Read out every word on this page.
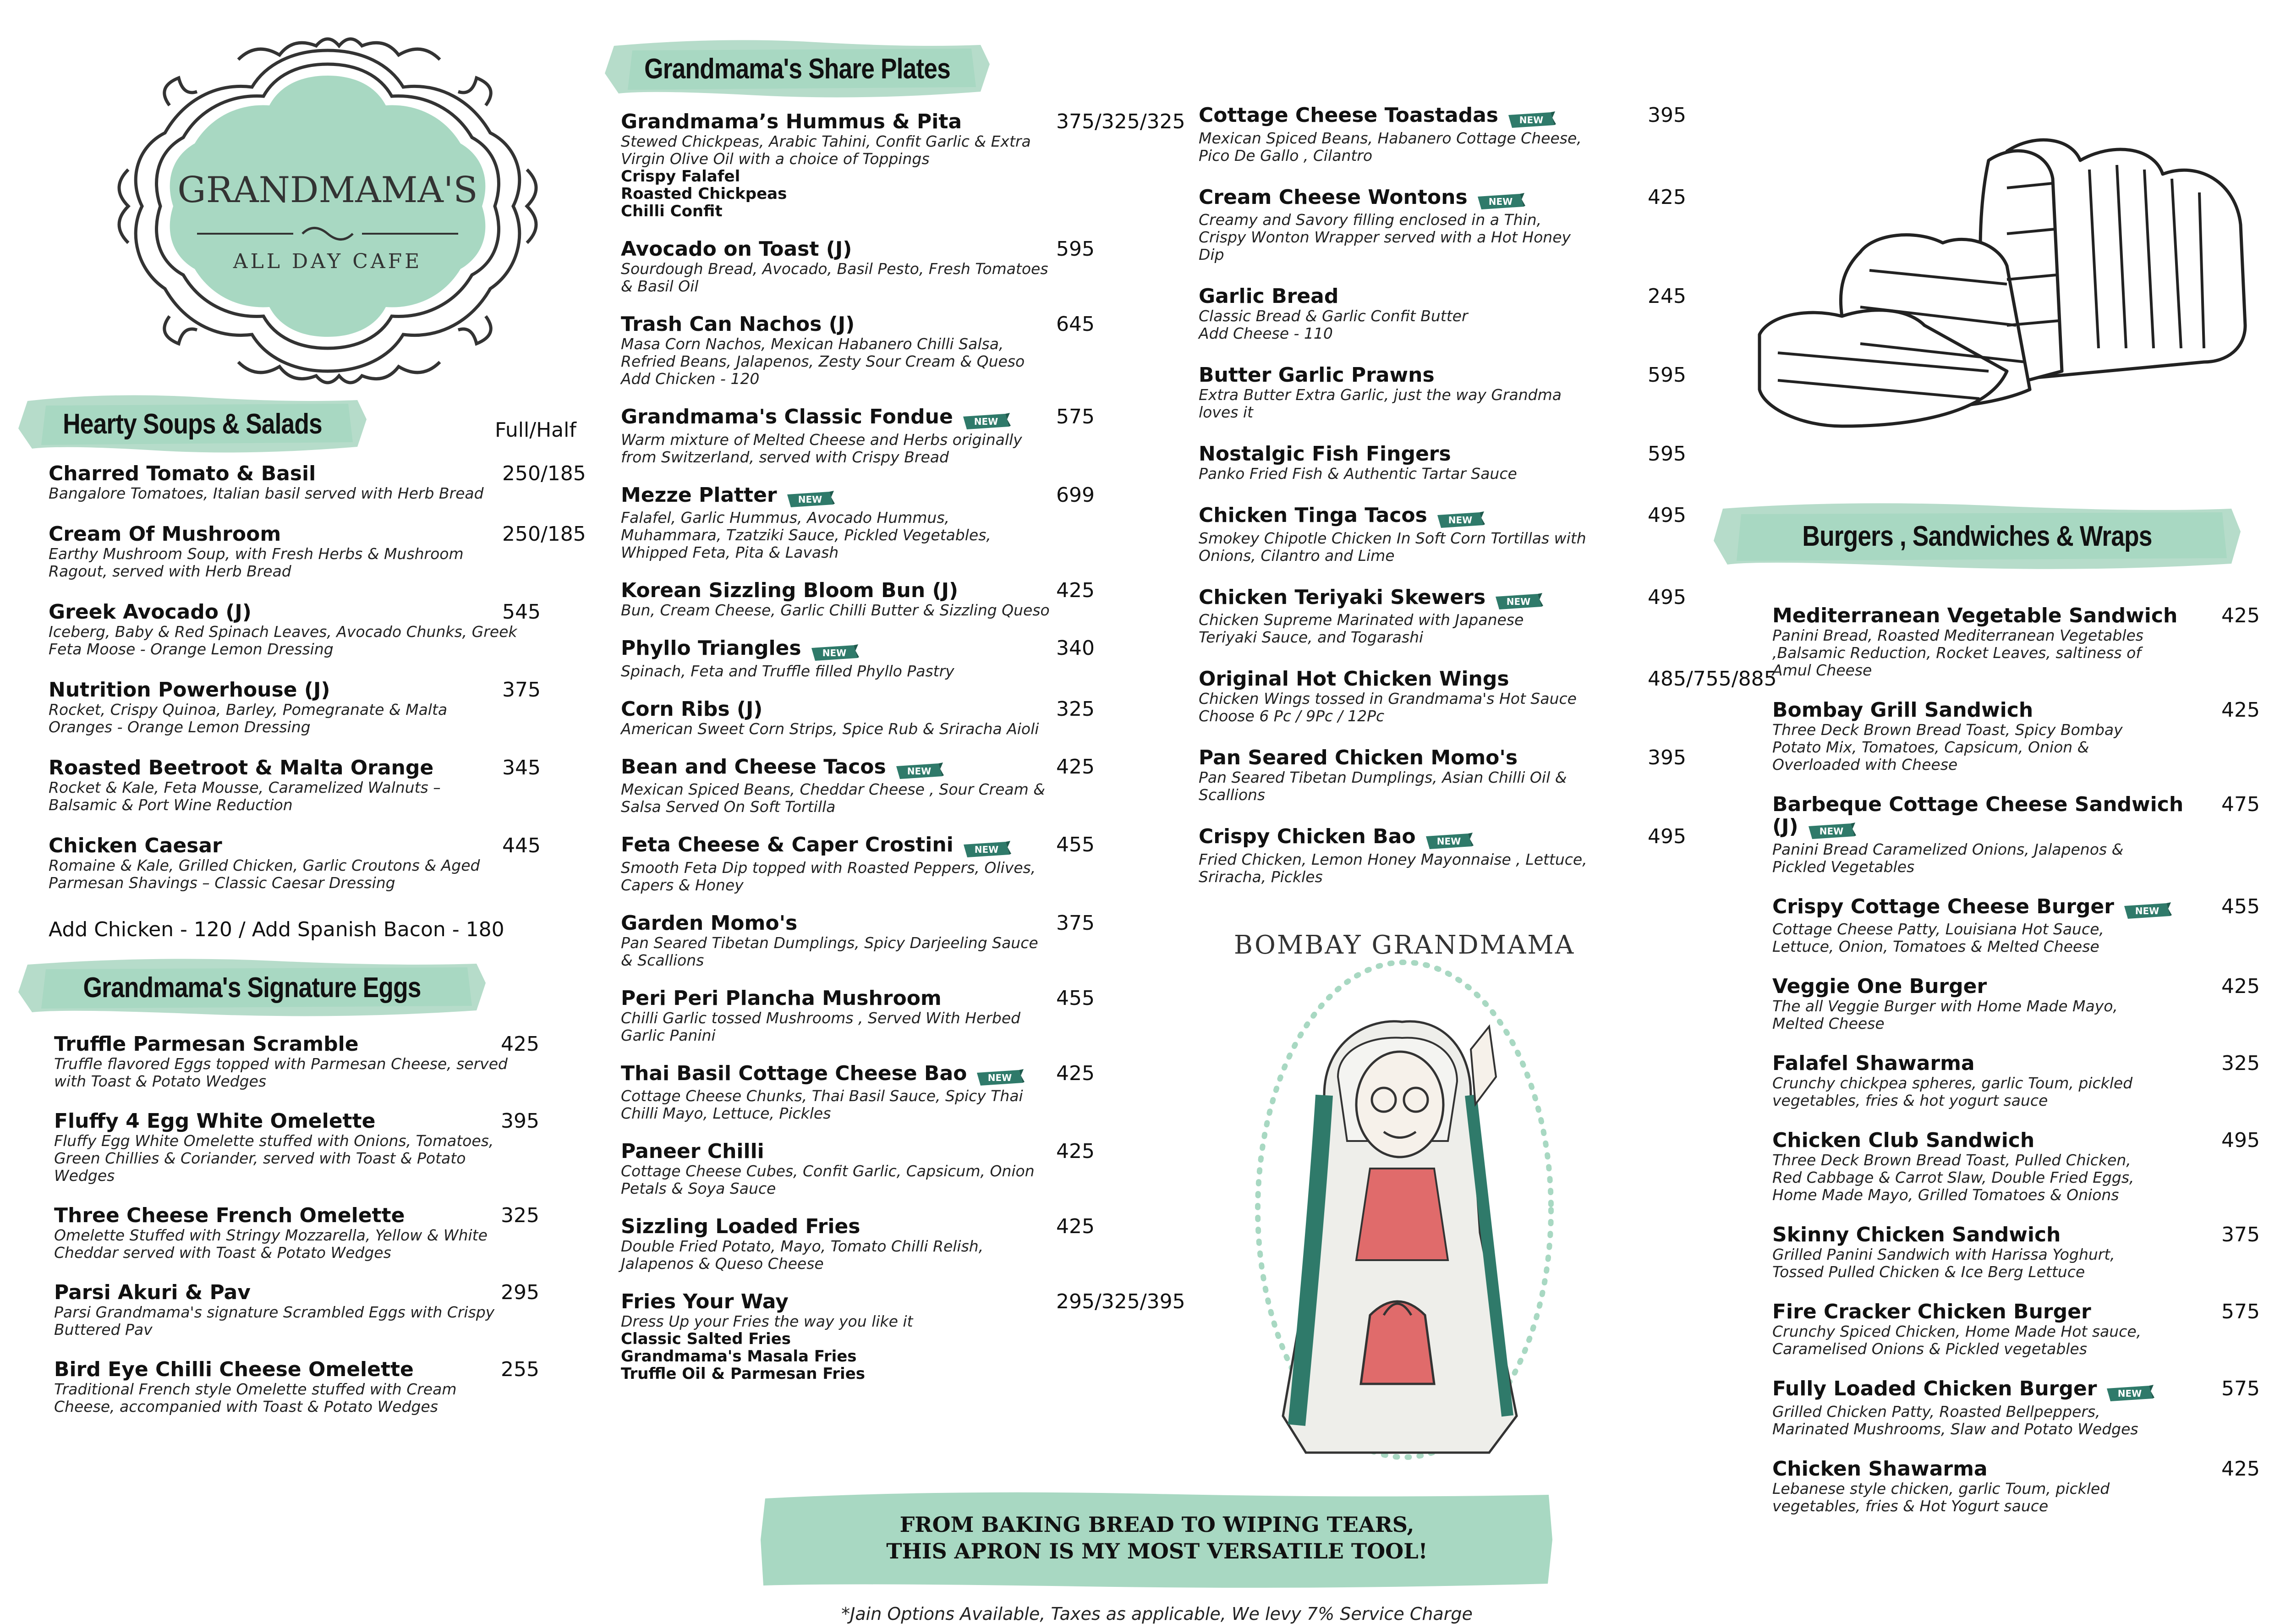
GRANDMAMA'S
ALL DAY CAFE
Hearty Soups & Salads	Full/Half
Charred Tomato & Basil	250/185
Bangalore Tomatoes, Italian basil served with Herb Bread
Cream Of Mushroom	250/185
Earthy Mushroom Soup, with Fresh Herbs & Mushroom
Ragout, served with Herb Bread
Greek Avocado (J)	545
Iceberg, Baby & Red Spinach Leaves, Avocado Chunks, Greek
Feta Moose - Orange Lemon Dressing
Nutrition Powerhouse (J)	375
Rocket, Crispy Quinoa, Barley, Pomegranate & Malta
Oranges - Orange Lemon Dressing
Roasted Beetroot & Malta Orange	345
Rocket & Kale, Feta Mousse, Caramelized Walnuts –
Balsamic & Port Wine Reduction
Chicken Caesar	445
Romaine & Kale, Grilled Chicken, Garlic Croutons & Aged
Parmesan Shavings – Classic Caesar Dressing
Add Chicken - 120 / Add Spanish Bacon - 180
Grandmama's Signature Eggs
Truffle Parmesan Scramble	425
Truffle flavored Eggs topped with Parmesan Cheese, served
with Toast & Potato Wedges
Fluffy 4 Egg White Omelette	395
Fluffy Egg White Omelette stuffed with Onions, Tomatoes,
Green Chillies & Coriander, served with Toast & Potato
Wedges
Three Cheese French Omelette	325
Omelette Stuffed with Stringy Mozzarella, Yellow & White
Cheddar served with Toast & Potato Wedges
Parsi Akuri & Pav	295
Parsi Grandmama's signature Scrambled Eggs with Crispy
Buttered Pav
Bird Eye Chilli Cheese Omelette	255
Traditional French style Omelette stuffed with Cream
Cheese, accompanied with Toast & Potato Wedges
Grandmama's Share Plates
Grandmama’s Hummus & Pita	375/325/325
Stewed Chickpeas, Arabic Tahini, Confit Garlic & Extra
Virgin Olive Oil with a choice of Toppings
Crispy Falafel
Roasted Chickpeas
Chilli Confit
Avocado on Toast (J)	595
Sourdough Bread, Avocado, Basil Pesto, Fresh Tomatoes
& Basil Oil
Trash Can Nachos (J)	645
Masa Corn Nachos, Mexican Habanero Chilli Salsa,
Refried Beans, Jalapenos, Zesty Sour Cream & Queso
Add Chicken - 120
Grandmama's Classic Fondue NEW	575
Warm mixture of Melted Cheese and Herbs originally
from Switzerland, served with Crispy Bread
Mezze Platter NEW	699
Falafel, Garlic Hummus, Avocado Hummus,
Muhammara, Tzatziki Sauce, Pickled Vegetables,
Whipped Feta, Pita & Lavash
Korean Sizzling Bloom Bun (J)	425
Bun, Cream Cheese, Garlic Chilli Butter & Sizzling Queso
Phyllo Triangles NEW	340
Spinach, Feta and Truffle filled Phyllo Pastry
Corn Ribs (J)	325
American Sweet Corn Strips, Spice Rub & Sriracha Aioli
Bean and Cheese Tacos NEW	425
Mexican Spiced Beans, Cheddar Cheese , Sour Cream &
Salsa Served On Soft Tortilla
Feta Cheese & Caper Crostini NEW	455
Smooth Feta Dip topped with Roasted Peppers, Olives,
Capers & Honey
Garden Momo's	375
Pan Seared Tibetan Dumplings, Spicy Darjeeling Sauce
& Scallions
Peri Peri Plancha Mushroom	455
Chilli Garlic tossed Mushrooms , Served With Herbed
Garlic Panini
Thai Basil Cottage Cheese Bao NEW 425
Cottage Cheese Chunks, Thai Basil Sauce, Spicy Thai
Chilli Mayo, Lettuce, Pickles
Paneer Chilli	425
Cottage Cheese Cubes, Confit Garlic, Capsicum, Onion
Petals & Soya Sauce
Sizzling Loaded Fries	425
Double Fried Potato, Mayo, Tomato Chilli Relish,
Jalapenos & Queso Cheese
Fries Your Way	295/325/395
Dress Up your Fries the way you like it
Classic Salted Fries
Grandmama's Masala Fries
Truffle Oil & Parmesan Fries
Cottage Cheese Toastadas NEW	395
Mexican Spiced Beans, Habanero Cottage Cheese,
Pico De Gallo , Cilantro
Cream Cheese Wontons NEW	425
Creamy and Savory filling enclosed in a Thin,
Crispy Wonton Wrapper served with a Hot Honey
Dip
Garlic Bread	245
Classic Bread & Garlic Confit Butter
Add Cheese - 110
Butter Garlic Prawns	595
Extra Butter Extra Garlic, just the way Grandma
loves it
Nostalgic Fish Fingers	595
Panko Fried Fish & Authentic Tartar Sauce
Chicken Tinga Tacos NEW	495
Smokey Chipotle Chicken In Soft Corn Tortillas with
Onions, Cilantro and Lime
Chicken Teriyaki Skewers NEW	495
Chicken Supreme Marinated with Japanese
Teriyaki Sauce, and Togarashi
Original Hot Chicken Wings	485/755/885
Chicken Wings tossed in Grandmama's Hot Sauce
Choose 6 Pc / 9Pc / 12Pc
Pan Seared Chicken Momo's	395
Pan Seared Tibetan Dumplings, Asian Chilli Oil &
Scallions
Crispy Chicken Bao NEW	495
Fried Chicken, Lemon Honey Mayonnaise , Lettuce,
Sriracha, Pickles
BOMBAY GRANDMAMA
FROM BAKING BREAD TO WIPING TEARS,
THIS APRON IS MY MOST VERSATILE TOOL!
*Jain Options Available, Taxes as applicable, We levy 7% Service Charge
Burgers , Sandwiches & Wraps
Mediterranean Vegetable Sandwich	425
Panini Bread, Roasted Mediterranean Vegetables
,Balsamic Reduction, Rocket Leaves, saltiness of
Amul Cheese
Bombay Grill Sandwich	425
Three Deck Brown Bread Toast, Spicy Bombay
Potato Mix, Tomatoes, Capsicum, Onion &
Overloaded with Cheese
Barbeque Cottage Cheese Sandwich (J) NEW
475
Panini Bread Caramelized Onions, Jalapenos &
Pickled Vegetables
Crispy Cottage Cheese Burger NEW	455
Cottage Cheese Patty, Louisiana Hot Sauce,
Lettuce, Onion, Tomatoes & Melted Cheese
Veggie One Burger	425
The all Veggie Burger with Home Made Mayo,
Melted Cheese
Falafel Shawarma	325
Crunchy chickpea spheres, garlic Toum, pickled
vegetables, fries & hot yogurt sauce
Chicken Club Sandwich	495
Three Deck Brown Bread Toast, Pulled Chicken,
Red Cabbage & Carrot Slaw, Double Fried Eggs,
Home Made Mayo, Grilled Tomatoes & Onions
Skinny Chicken Sandwich	375
Grilled Panini Sandwich with Harissa Yoghurt,
Tossed Pulled Chicken & Ice Berg Lettuce
Fire Cracker Chicken Burger	575
Crunchy Spiced Chicken, Home Made Hot sauce,
Caramelised Onions & Pickled vegetables
Fully Loaded Chicken Burger NEW	575
Grilled Chicken Patty, Roasted Bellpeppers,
Marinated Mushrooms, Slaw and Potato Wedges
Chicken Shawarma	425
Lebanese style chicken, garlic Toum, pickled
vegetables, fries & Hot Yogurt sauce
